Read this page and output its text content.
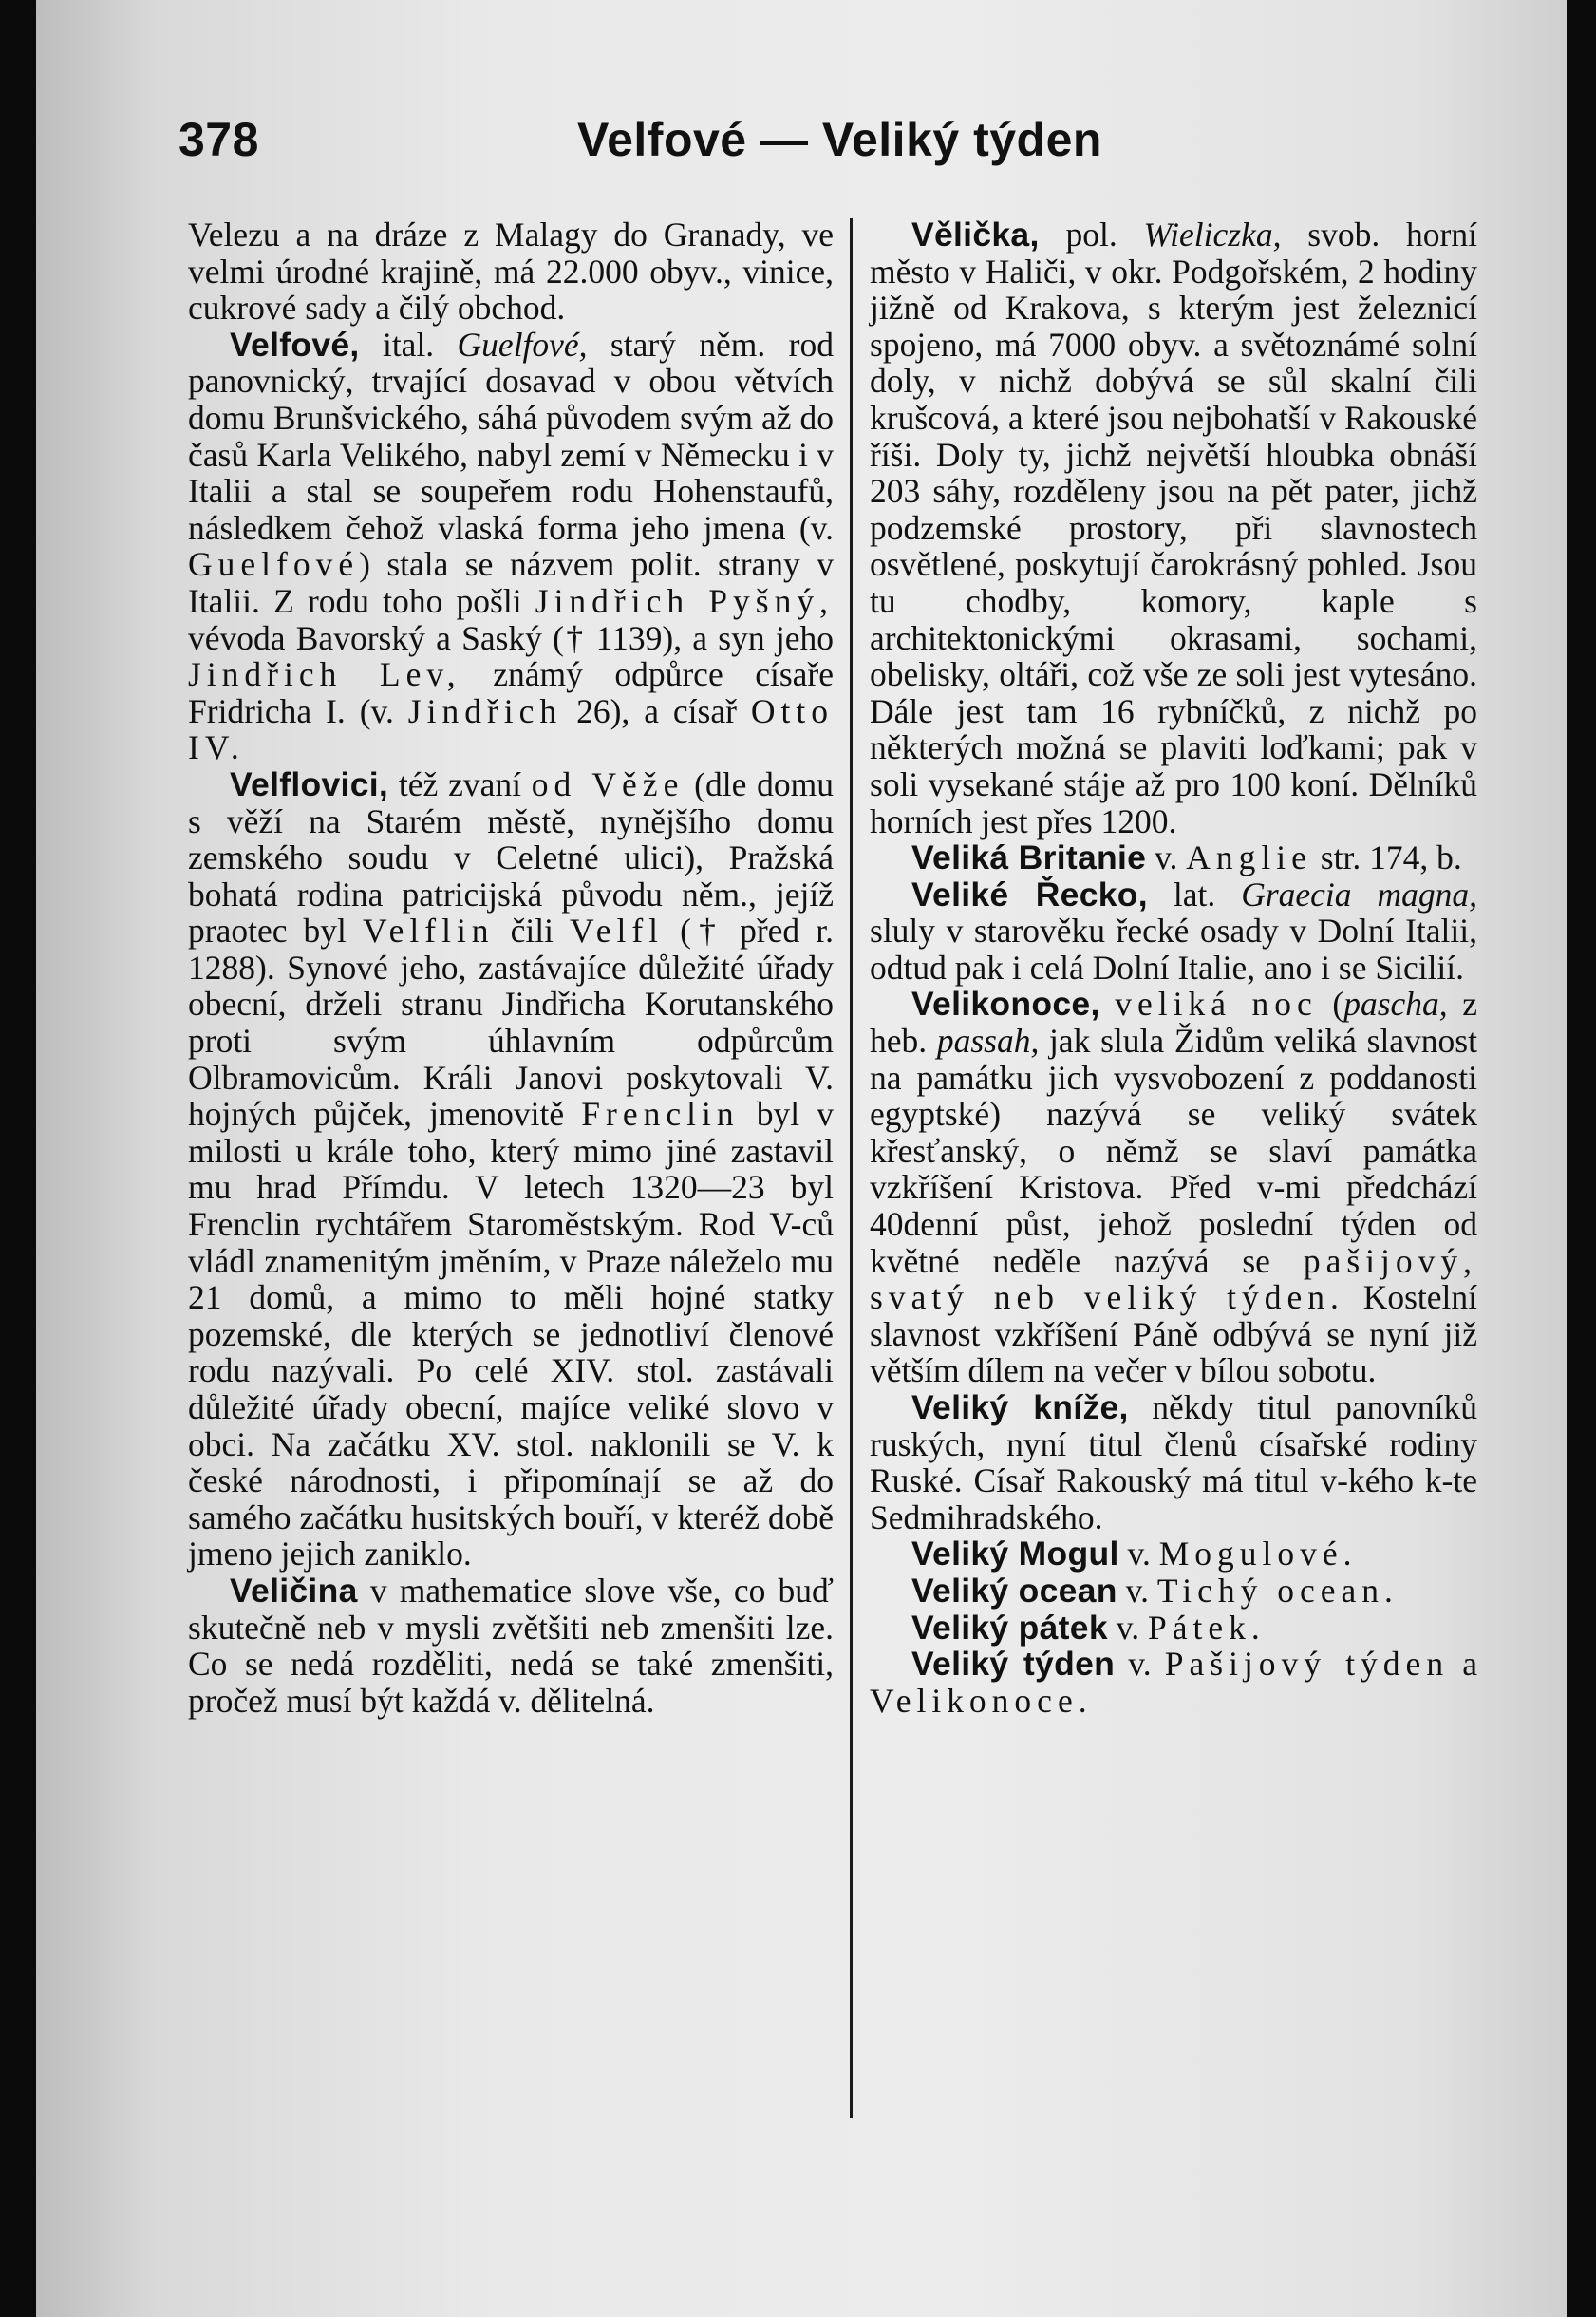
378	Velfové — Veliký týden

Velezu a na dráze z Malagy do Granady, ve velmi úrodné krajině, má 22.000 obyv., vinice, cukrové sady a čilý obchod.

Velfové, ital. Guelfové, starý něm. rod panovnický, trvající dosavad v obou větvích domu Brunšvického, sáhá původem svým až do časů Karla Velikého, nabyl zemí v Německu i v Italii a stal se soupeřem rodu Hohenstaufů, následkem čehož vlaská forma jeho jmena (v. Guelfové) stala se názvem polit. strany v Italii. Z rodu toho pošli Jindřich Pyšný, vévoda Bavorský a Saský († 1139), a syn jeho Jindřich Lev, známý odpůrce císaře Fridricha I. (v. Jindřich 26), a císař Otto IV.

Velflovici, též zvaní od Věže (dle domu s věží na Starém městě, nynějšího domu zemského soudu v Celetné ulici), Pražská bohatá rodina patricijská původu něm., jejíž praotec byl Velflin čili Velfl († před r. 1288). Synové jeho, zastávajíce důležité úřady obecní, drželi stranu Jindřicha Korutanského proti svým úhlavním odpůrcům Olbramovicům. Králi Janovi poskytovali V. hojných půjček, jmenovitě Frenclin byl v milosti u krále toho, který mimo jiné zastavil mu hrad Přímdu. V letech 1320—23 byl Frenclin rychtářem Staroměstským. Rod V-ců vládl znamenitým jměním, v Praze náleželo mu 21 domů, a mimo to měli hojné statky pozemské, dle kterých se jednotliví členové rodu nazývali. Po celé XIV. stol. zastávali důležité úřady obecní, majíce veliké slovo v obci. Na začátku XV. stol. naklonili se V. k české národnosti, i připomínají se až do samého začátku husitských bouří, v kteréž době jmeno jejich zaniklo.

Veličina v mathematice slove vše, co buď skutečně neb v mysli zvětšiti neb zmenšiti lze. Co se nedá rozděliti, nedá se také zmenšiti, pročež musí být každá v. dělitelná.

Vělička, pol. Wieliczka, svob. horní město v Haliči, v okr. Podgořském, 2 hodiny jižně od Krakova, s kterým jest železnicí spojeno, má 7000 obyv. a světoznámé solní doly, v nichž dobývá se sůl skalní čili krušcová, a které jsou nejbohatší v Rakouské říši. Doly ty, jichž největší hloubka obnáší 203 sáhy, rozděleny jsou na pět pater, jichž podzemské prostory, při slavnostech osvětlené, poskytují čarokrásný pohled. Jsou tu chodby, komory, kaple s architektonickými okrasami, sochami, obelisky, oltáři, což vše ze soli jest vytesáno. Dále jest tam 16 rybníčků, z nichž po některých možná se plaviti loďkami; pak v soli vysekané stáje až pro 100 koní. Dělníků horních jest přes 1200.

Veliká Britanie v. Anglie str. 174, b.

Veliké Řecko, lat. Graecia magna, sluly v starověku řecké osady v Dolní Italii, odtud pak i celá Dolní Italie, ano i se Sicilií.

Velikonoce, veliká noc (pascha, z heb. passah, jak slula Židům veliká slavnost na památku jich vysvobození z poddanosti egyptské) nazývá se veliký svátek křesťanský, o němž se slaví památka vzkříšení Kristova. Před v-mi předchází 40denní půst, jehož poslední týden od květné neděle nazývá se pašijový, svatý neb veliký týden. Kostelní slavnost vzkříšení Páně odbývá se nyní již větším dílem na večer v bílou sobotu.

Veliký kníže, někdy titul panovníků ruských, nyní titul členů císařské rodiny Ruské. Císař Rakouský má titul v-kého k-te Sedmihradského.

Veliký Mogul v. Mogulové.

Veliký ocean v. Tichý ocean.

Veliký pátek v. Pátek.

Veliký týden v. Pašijový týden a Velikonoce.
